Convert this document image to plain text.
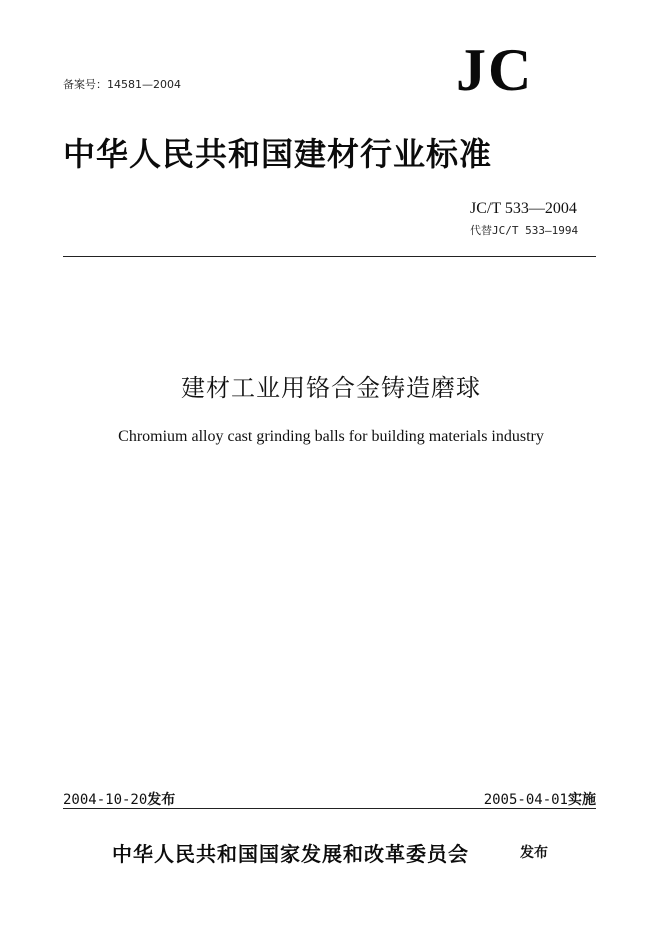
备案号：14581—2004	JC
中华人民共和国建材行业标准
JC/T 533—2004
代替JC/T 533—1994
建材工业用铬合金铸造磨球
Chromium alloy cast grinding balls for building materials industry
2004-10-20发布	2005-04-01实施
中华人民共和国国家发展和改革委员会	发布
